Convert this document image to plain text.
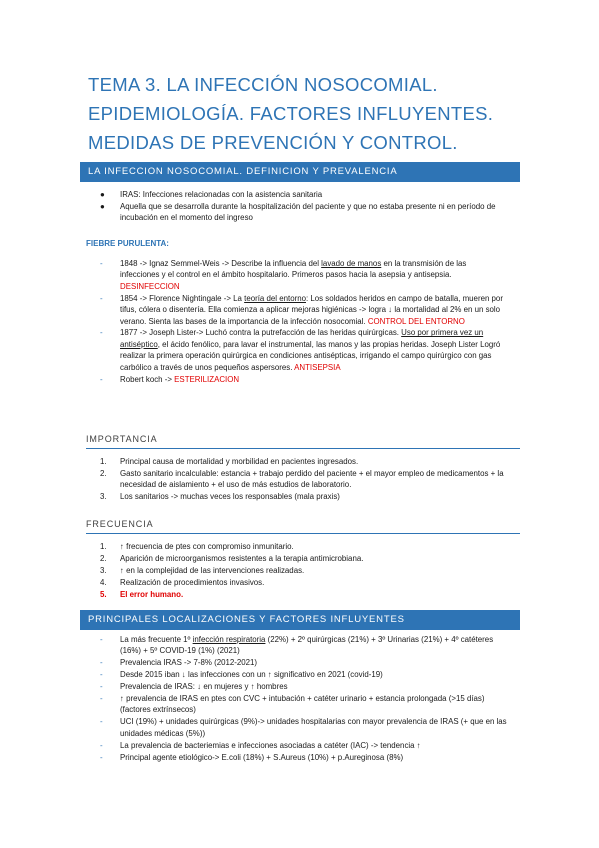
TEMA 3. LA INFECCIÓN NOSOCOMIAL.
EPIDEMIOLOGÍA. FACTORES INFLUYENTES.
MEDIDAS DE PREVENCIÓN Y CONTROL.
LA INFECCION NOSOCOMIAL. DEFINICION Y PREVALENCIA
●	IRAS: Infecciones relacionadas con la asistencia sanitaria
●	Aquella que se desarrolla durante la hospitalización del paciente y que no estaba presente ni en período de incubación en el momento del ingreso
FIEBRE PURULENTA:
-	1848 -> Ignaz Semmel-Weis -> Describe la influencia del lavado de manos en la transmisión de las infecciones y el control en el ámbito hospitalario. Primeros pasos hacia la asepsia y antisepsia. DESINFECCION
-	1854 -> Florence Nightingale -> La teoría del entorno: Los soldados heridos en campo de batalla, mueren por tifus, cólera o disentería. Ella comienza a aplicar mejoras higiénicas -> logra ↓ la mortalidad al 2% en un solo verano. Sienta las bases de la importancia de la infección nosocomial. CONTROL DEL ENTORNO
-	1877 -> Joseph Lister-> Luchó contra la putrefacción de las heridas quirúrgicas. Uso por primera vez un antiséptico, el ácido fenólico, para lavar el instrumental, las manos y las propias heridas. Joseph Lister Logró realizar la primera operación quirúrgica en condiciones antisépticas, irrigando el campo quirúrgico con gas carbólico a través de unos pequeños aspersores. ANTISEPSIA
-	Robert koch -> ESTERILIZACION
IMPORTANCIA
1.	Principal causa de mortalidad y morbilidad en pacientes ingresados.
2.	Gasto sanitario incalculable: estancia + trabajo perdido del paciente + el mayor empleo de medicamentos + la necesidad de aislamiento + el uso de más estudios de laboratorio.
3.	Los sanitarios -> muchas veces los responsables (mala praxis)
FRECUENCIA
1.	↑ frecuencia de ptes con compromiso inmunitario.
2.	Aparición de microorganismos resistentes a la terapia antimicrobiana.
3.	↑ en la complejidad de las intervenciones realizadas.
4.	Realización de procedimientos invasivos.
5.	El error humano.
PRINCIPALES LOCALIZACIONES Y FACTORES INFLUYENTES
-	La más frecuente 1º infección respiratoria (22%) + 2º quirúrgicas (21%) + 3º Urinarias (21%) + 4º catéteres (16%) + 5º COVID-19 (1%) (2021)
-	Prevalencia IRAS -> 7-8% (2012-2021)
-	Desde 2015 iban ↓ las infecciones con un ↑ significativo en 2021 (covid-19)
-	Prevalencia de IRAS: ↓ en mujeres y ↑ hombres
-	↑ prevalencia de IRAS en ptes con CVC + intubación + catéter urinario + estancia prolongada (>15 días) (factores extrínsecos)
-	UCI (19%) + unidades quirúrgicas (9%)-> unidades hospitalarias con mayor prevalencia de IRAS (+ que en las unidades médicas (5%))
-	La prevalencia de bacteriemias e infecciones asociadas a catéter (IAC) -> tendencia ↑
-	Principal agente etiológico-> E.coli (18%) + S.Aureus (10%) + p.Aureginosa (8%)
